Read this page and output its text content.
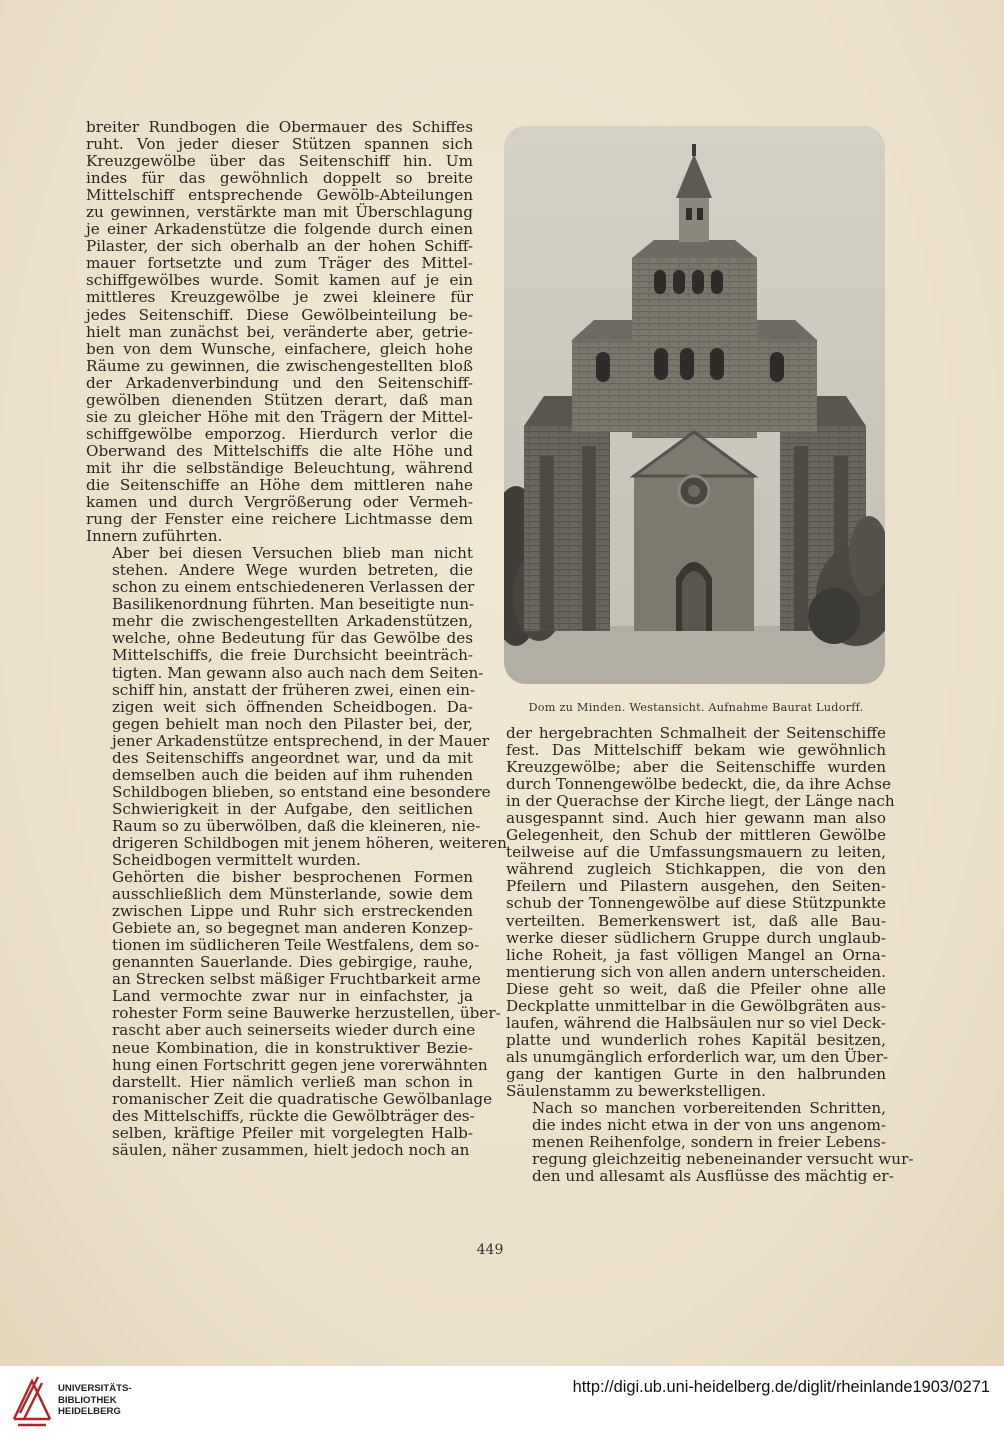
breiter Rundbogen die Obermauer des Schiffes
ruht. Von jeder dieser Stützen spannen sich
Kreuzgewölbe über das Seitenschiff hin. Um
indes für das gewöhnlich doppelt so breite
Mittelschiff entsprechende Gewölb-Abteilungen
zu gewinnen, verstärkte man mit Überschlagung
je einer Arkadenstütze die folgende durch einen
Pilaster, der sich oberhalb an der hohen Schiff-
mauer fortsetzte und zum Träger des Mittel-
schiffgewölbes wurde. Somit kamen auf je ein
mittleres Kreuzgewölbe je zwei kleinere für
jedes Seitenschiff. Diese Gewölbeinteilung be-
hielt man zunächst bei, veränderte aber, getrie-
ben von dem Wunsche, einfachere, gleich hohe
Räume zu gewinnen, die zwischengestellten bloß
der Arkadenverbindung und den Seitenschiff-
gewölben dienenden Stützen derart, daß man
sie zu gleicher Höhe mit den Trägern der Mittel-
schiffgewölbe emporzog. Hierdurch verlor die
Oberwand des Mittelschiffs die alte Höhe und
mit ihr die selbständige Beleuchtung, während
die Seitenschiffe an Höhe dem mittleren nahe
kamen und durch Vergrößerung oder Vermeh-
rung der Fenster eine reichere Lichtmasse dem
Innern zuführten.

Aber bei diesen Versuchen blieb man nicht
stehen. Andere Wege wurden betreten, die
schon zu einem entschiedeneren Verlassen der
Basilikenordnung führten. Man beseitigte nun-
mehr die zwischengestellten Arkadenstützen,
welche, ohne Bedeutung für das Gewölbe des
Mittelschiffs, die freie Durchsicht beeinträch-
tigten. Man gewann also auch nach dem Seiten-
schiff hin, anstatt der früheren zwei, einen ein-
zigen weit sich öffnenden Scheidbogen. Da-
gegen behielt man noch den Pilaster bei, der,
jener Arkadenstütze entsprechend, in der Mauer
des Seitenschiffs angeordnet war, und da mit
demselben auch die beiden auf ihm ruhenden
Schildbogen blieben, so entstand eine besondere
Schwierigkeit in der Aufgabe, den seitlichen
Raum so zu überwölben, daß die kleineren, nie-
drigeren Schildbogen mit jenem höheren, weiteren
Scheidbogen vermittelt wurden.

Gehörten die bisher besprochenen Formen
ausschließlich dem Münsterlande, sowie dem
zwischen Lippe und Ruhr sich erstreckenden
Gebiete an, so begegnet man anderen Konzep-
tionen im südlicheren Teile Westfalens, dem so-
genannten Sauerlande. Dies gebirgige, rauhe,
an Strecken selbst mäßiger Fruchtbarkeit arme
Land vermochte zwar nur in einfachster, ja
rohester Form seine Bauwerke herzustellen, über-
rascht aber auch seinerseits wieder durch eine
neue Kombination, die in konstruktiver Bezie-
hung einen Fortschritt gegen jene vorerwähnten
darstellt. Hier nämlich verließ man schon in
romanischer Zeit die quadratische Gewölbanlage
des Mittelschiffs, rückte die Gewölbträger des-
selben, kräftige Pfeiler mit vorgelegten Halb-
säulen, näher zusammen, hielt jedoch noch an

Dom zu Minden. Westansicht. Aufnahme Baurat Ludorff.

der hergebrachten Schmalheit der Seitenschiffe
fest. Das Mittelschiff bekam wie gewöhnlich
Kreuzgewölbe; aber die Seitenschiffe wurden
durch Tonnengewölbe bedeckt, die, da ihre Achse
in der Querachse der Kirche liegt, der Länge nach
ausgespannt sind. Auch hier gewann man also
Gelegenheit, den Schub der mittleren Gewölbe
teilweise auf die Umfassungsmauern zu leiten,
während zugleich Stichkappen, die von den
Pfeilern und Pilastern ausgehen, den Seiten-
schub der Tonnengewölbe auf diese Stützpunkte
verteilten. Bemerkenswert ist, daß alle Bau-
werke dieser südlichern Gruppe durch unglaub-
liche Roheit, ja fast völligen Mangel an Orna-
mentierung sich von allen andern unterscheiden.
Diese geht so weit, daß die Pfeiler ohne alle
Deckplatte unmittelbar in die Gewölbgräten aus-
laufen, während die Halbsäulen nur so viel Deck-
platte und wunderlich rohes Kapitäl besitzen,
als unumgänglich erforderlich war, um den Über-
gang der kantigen Gurte in den halbrunden
Säulenstamm zu bewerkstelligen.

Nach so manchen vorbereitenden Schritten,
die indes nicht etwa in der von uns angenom-
menen Reihenfolge, sondern in freier Lebens-
regung gleichzeitig nebeneinander versucht wur-
den und allesamt als Ausflüsse des mächtig er-

449
UNIVERSITÄTS-
BIBLIOTHEK
HEIDELBERG
http://digi.ub.uni-heidelberg.de/diglit/rheinlande1903/0271
